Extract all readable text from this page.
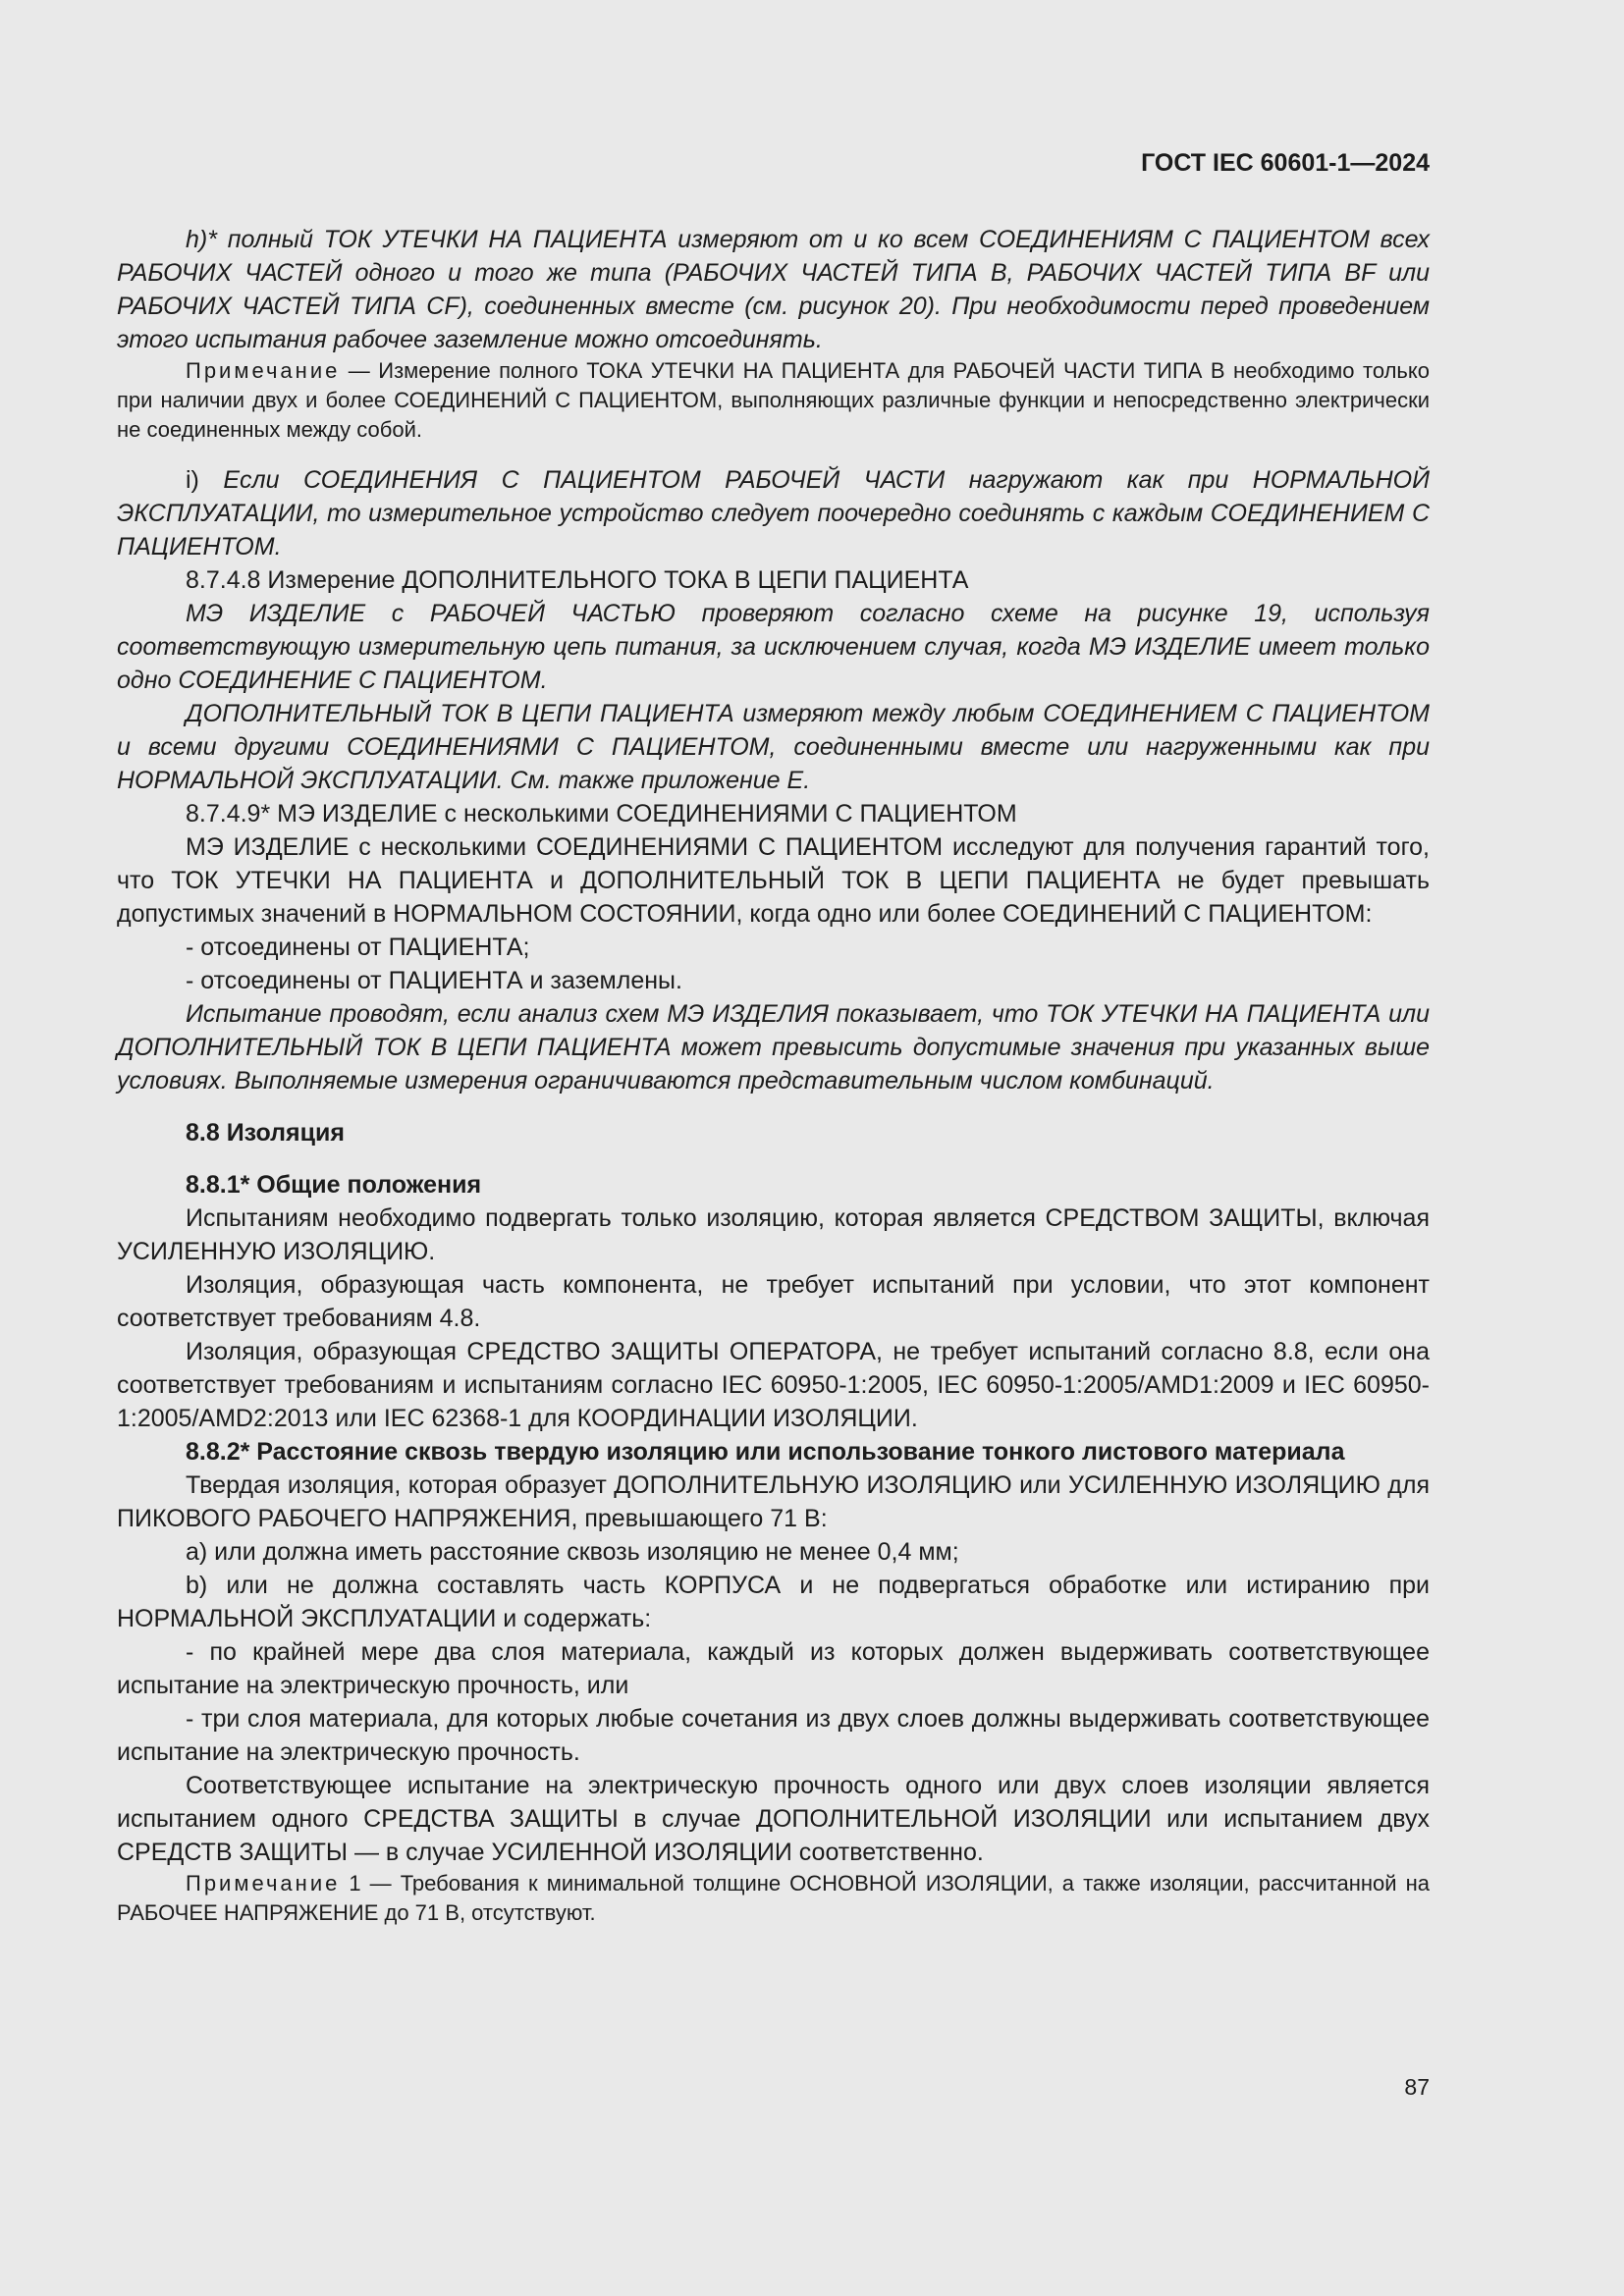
ГОСТ IEC 60601-1—2024

h)* полный ТОК УТЕЧКИ НА ПАЦИЕНТА измеряют от и ко всем СОЕДИНЕНИЯМ С ПАЦИЕНТОМ всех РАБОЧИХ ЧАСТЕЙ одного и того же типа (РАБОЧИХ ЧАСТЕЙ ТИПА В, РАБОЧИХ ЧАСТЕЙ ТИПА BF или РАБОЧИХ ЧАСТЕЙ ТИПА CF), соединенных вместе (см. рисунок 20). При необходимости перед проведением этого испытания рабочее заземление можно отсоединять.

Примечание — Измерение полного ТОКА УТЕЧКИ НА ПАЦИЕНТА для РАБОЧЕЙ ЧАСТИ ТИПА В необходимо только при наличии двух и более СОЕДИНЕНИЙ С ПАЦИЕНТОМ, выполняющих различные функции и непосредственно электрически не соединенных между собой.

i) Если СОЕДИНЕНИЯ С ПАЦИЕНТОМ РАБОЧЕЙ ЧАСТИ нагружают как при НОРМАЛЬНОЙ ЭКСПЛУАТАЦИИ, то измерительное устройство следует поочередно соединять с каждым СОЕДИНЕНИЕМ С ПАЦИЕНТОМ.

8.7.4.8 Измерение ДОПОЛНИТЕЛЬНОГО ТОКА В ЦЕПИ ПАЦИЕНТА

МЭ ИЗДЕЛИЕ с РАБОЧЕЙ ЧАСТЬЮ проверяют согласно схеме на рисунке 19, используя соответствующую измерительную цепь питания, за исключением случая, когда МЭ ИЗДЕЛИЕ имеет только одно СОЕДИНЕНИЕ С ПАЦИЕНТОМ.

ДОПОЛНИТЕЛЬНЫЙ ТОК В ЦЕПИ ПАЦИЕНТА измеряют между любым СОЕДИНЕНИЕМ С ПАЦИЕНТОМ и всеми другими СОЕДИНЕНИЯМИ С ПАЦИЕНТОМ, соединенными вместе или нагруженными как при НОРМАЛЬНОЙ ЭКСПЛУАТАЦИИ. См. также приложение Е.

8.7.4.9* МЭ ИЗДЕЛИЕ с несколькими СОЕДИНЕНИЯМИ С ПАЦИЕНТОМ

МЭ ИЗДЕЛИЕ с несколькими СОЕДИНЕНИЯМИ С ПАЦИЕНТОМ исследуют для получения гарантий того, что ТОК УТЕЧКИ НА ПАЦИЕНТА и ДОПОЛНИТЕЛЬНЫЙ ТОК В ЦЕПИ ПАЦИЕНТА не будет превышать допустимых значений в НОРМАЛЬНОМ СОСТОЯНИИ, когда одно или более СОЕДИНЕНИЙ С ПАЦИЕНТОМ:

- отсоединены от ПАЦИЕНТА;

- отсоединены от ПАЦИЕНТА и заземлены.

Испытание проводят, если анализ схем МЭ ИЗДЕЛИЯ показывает, что ТОК УТЕЧКИ НА ПАЦИЕНТА или ДОПОЛНИТЕЛЬНЫЙ ТОК В ЦЕПИ ПАЦИЕНТА может превысить допустимые значения при указанных выше условиях. Выполняемые измерения ограничиваются представительным числом комбинаций.

8.8 Изоляция

8.8.1* Общие положения

Испытаниям необходимо подвергать только изоляцию, которая является СРЕДСТВОМ ЗАЩИТЫ, включая УСИЛЕННУЮ ИЗОЛЯЦИЮ.

Изоляция, образующая часть компонента, не требует испытаний при условии, что этот компонент соответствует требованиям 4.8.

Изоляция, образующая СРЕДСТВО ЗАЩИТЫ ОПЕРАТОРА, не требует испытаний согласно 8.8, если она соответствует требованиям и испытаниям согласно IEC 60950-1:2005, IEC 60950-1:2005/AMD1:2009 и IEC 60950-1:2005/AMD2:2013 или IEC 62368-1 для КООРДИНАЦИИ ИЗОЛЯЦИИ.

8.8.2* Расстояние сквозь твердую изоляцию или использование тонкого листового материала

Твердая изоляция, которая образует ДОПОЛНИТЕЛЬНУЮ ИЗОЛЯЦИЮ или УСИЛЕННУЮ ИЗОЛЯЦИЮ для ПИКОВОГО РАБОЧЕГО НАПРЯЖЕНИЯ, превышающего 71 В:

а) или должна иметь расстояние сквозь изоляцию не менее 0,4 мм;

b) или не должна составлять часть КОРПУСА и не подвергаться обработке или истиранию при НОРМАЛЬНОЙ ЭКСПЛУАТАЦИИ и содержать:

- по крайней мере два слоя материала, каждый из которых должен выдерживать соответствующее испытание на электрическую прочность, или

- три слоя материала, для которых любые сочетания из двух слоев должны выдерживать соответствующее испытание на электрическую прочность.

Соответствующее испытание на электрическую прочность одного или двух слоев изоляции является испытанием одного СРЕДСТВА ЗАЩИТЫ в случае ДОПОЛНИТЕЛЬНОЙ ИЗОЛЯЦИИ или испытанием двух СРЕДСТВ ЗАЩИТЫ — в случае УСИЛЕННОЙ ИЗОЛЯЦИИ соответственно.

Примечание 1 — Требования к минимальной толщине ОСНОВНОЙ ИЗОЛЯЦИИ, а также изоляции, рассчитанной на РАБОЧЕЕ НАПРЯЖЕНИЕ до 71 В, отсутствуют.

87
